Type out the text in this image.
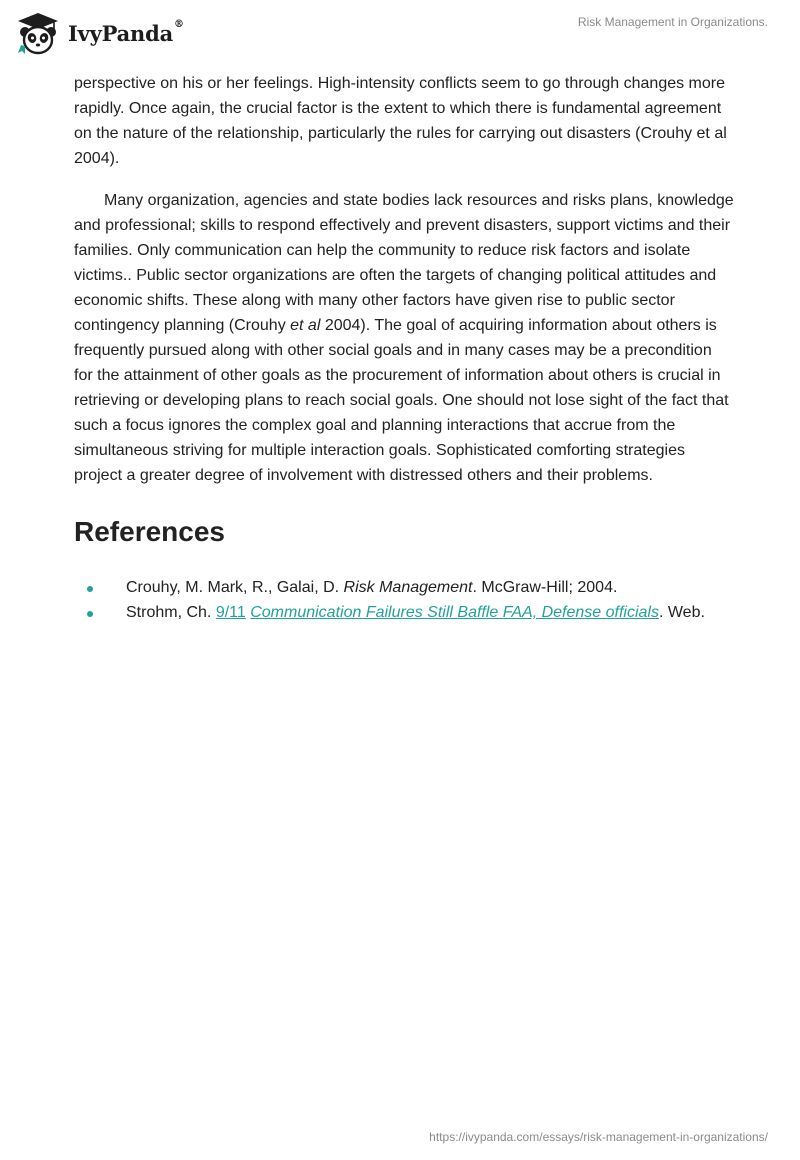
IvyPanda®	Risk Management in Organizations.

perspective on his or her feelings. High-intensity conflicts seem to go through changes more rapidly. Once again, the crucial factor is the extent to which there is fundamental agreement on the nature of the relationship, particularly the rules for carrying out disasters (Crouhy et al 2004).

Many organization, agencies and state bodies lack resources and risks plans, knowledge and professional; skills to respond effectively and prevent disasters, support victims and their families. Only communication can help the community to reduce risk factors and isolate victims.. Public sector organizations are often the targets of changing political attitudes and economic shifts. These along with many other factors have given rise to public sector contingency planning (Crouhy et al 2004). The goal of acquiring information about others is frequently pursued along with other social goals and in many cases may be a precondition for the attainment of other goals as the procurement of information about others is crucial in retrieving or developing plans to reach social goals. One should not lose sight of the fact that such a focus ignores the complex goal and planning interactions that accrue from the simultaneous striving for multiple interaction goals. Sophisticated comforting strategies project a greater degree of involvement with distressed others and their problems.

References
Crouhy, M. Mark, R., Galai, D. Risk Management. McGraw-Hill; 2004.
Strohm, Ch. 9/11 Communication Failures Still Baffle FAA, Defense officials. Web.
https://ivypanda.com/essays/risk-management-in-organizations/
